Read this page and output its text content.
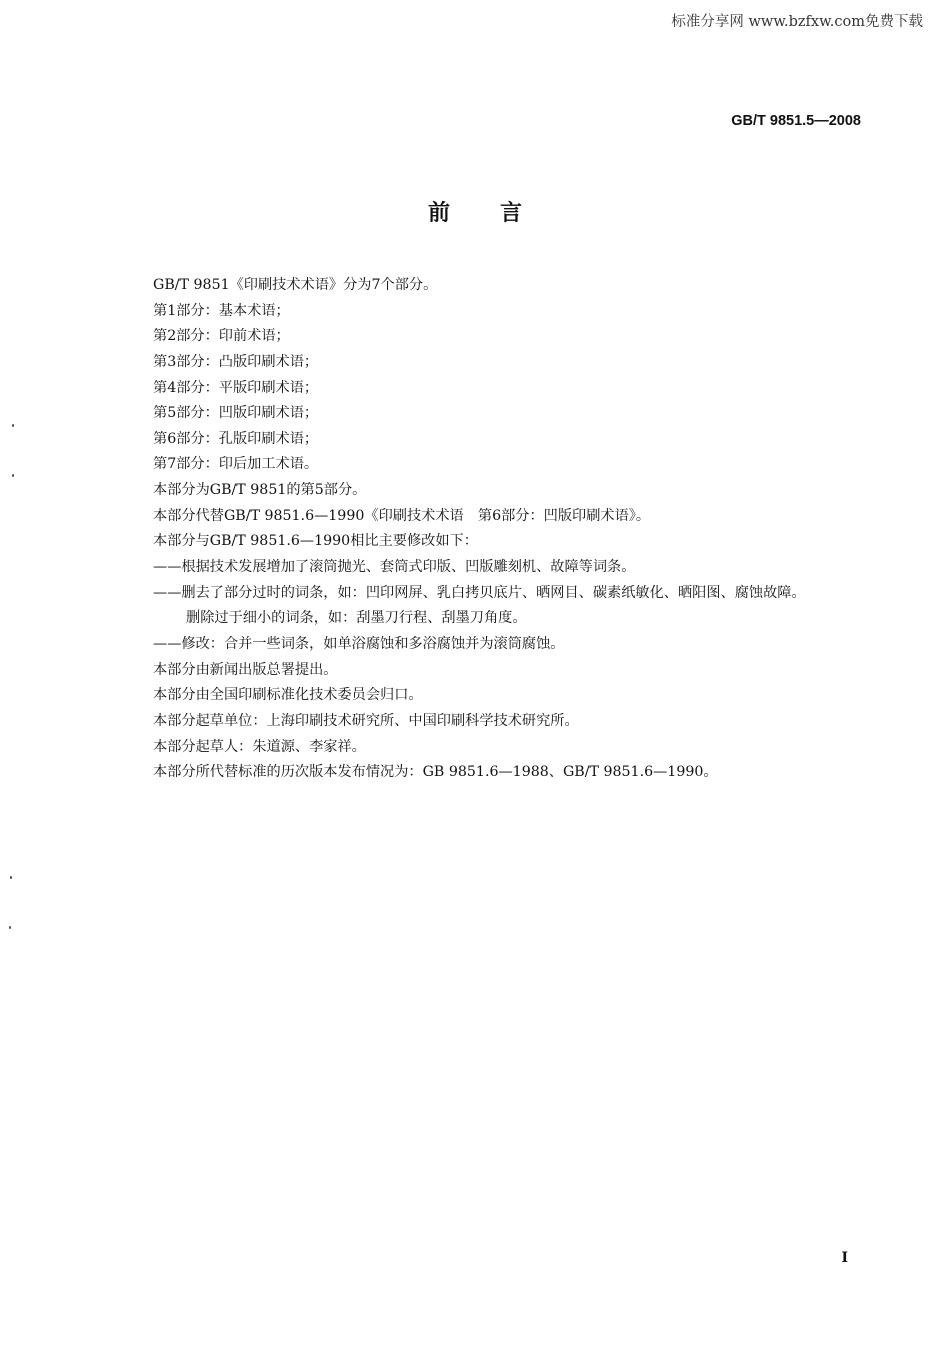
标准分享网 www.bzfxw.com免费下载
GB/T 9851.5—2008
前言
GB/T 9851《印刷技术术语》分为7个部分。
第1部分：基本术语；
第2部分：印前术语；
第3部分：凸版印刷术语；
第4部分：平版印刷术语；
第5部分：凹版印刷术语；
第6部分：孔版印刷术语；
第7部分：印后加工术语。
本部分为GB/T 9851的第5部分。
本部分代替GB/T 9851.6—1990《印刷技术术语　第6部分：凹版印刷术语》。
本部分与GB/T 9851.6—1990相比主要修改如下：
——根据技术发展增加了滚筒抛光、套筒式印版、凹版雕刻机、故障等词条。
——删去了部分过时的词条，如：凹印网屏、乳白拷贝底片、晒网目、碳素纸敏化、晒阳图、腐蚀故障。
删除过于细小的词条，如：刮墨刀行程、刮墨刀角度。
——修改：合并一些词条，如单浴腐蚀和多浴腐蚀并为滚筒腐蚀。
本部分由新闻出版总署提出。
本部分由全国印刷标准化技术委员会归口。
本部分起草单位：上海印刷技术研究所、中国印刷科学技术研究所。
本部分起草人：朱道源、李家祥。
本部分所代替标准的历次版本发布情况为：GB 9851.6—1988、GB/T 9851.6—1990。
I
